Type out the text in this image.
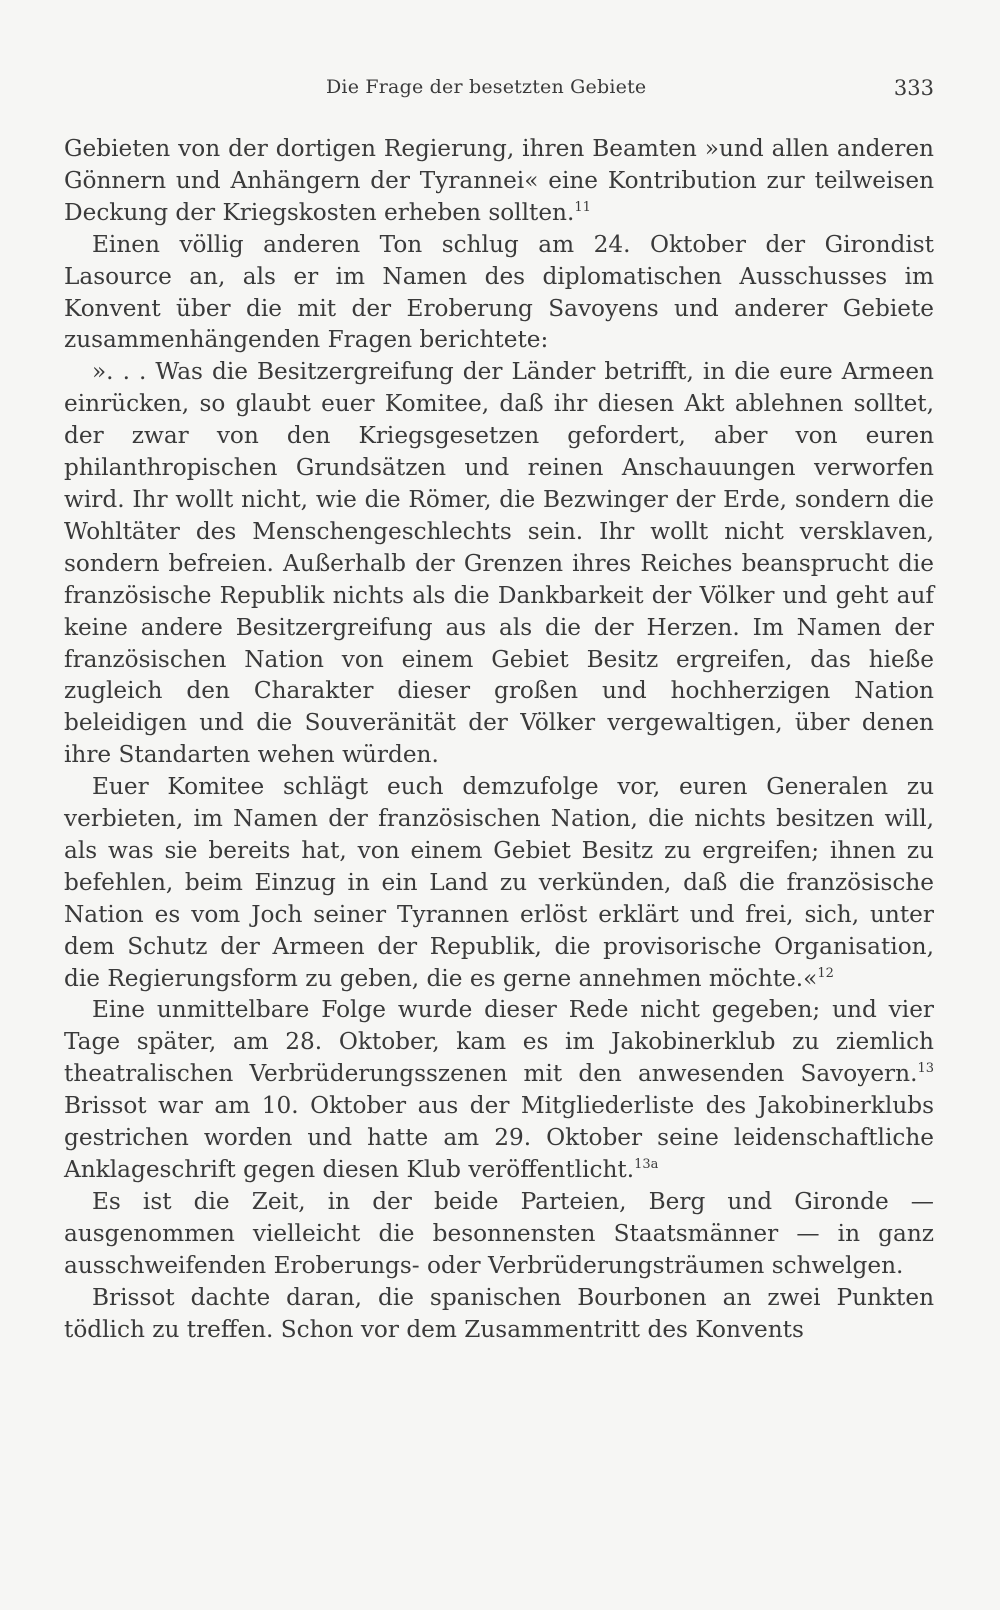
Die Frage der besetzten Gebiete	333

Gebieten von der dortigen Regierung, ihren Beamten »und allen anderen Gönnern und Anhängern der Tyrannei« eine Kontribution zur teilweisen Deckung der Kriegskosten erheben sollten.$^{11}$

Einen völlig anderen Ton schlug am 24. Oktober der Girondist Lasource an, als er im Namen des diplomatischen Ausschusses im Konvent über die mit der Eroberung Savoyens und anderer Gebiete zusammenhängenden Fragen berichtete:

». . . Was die Besitzergreifung der Länder betrifft, in die eure Armeen einrücken, so glaubt euer Komitee, daß ihr diesen Akt ablehnen solltet, der zwar von den Kriegsgesetzen gefordert, aber von euren philanthropischen Grundsätzen und reinen Anschauungen verworfen wird. Ihr wollt nicht, wie die Römer, die Bezwinger der Erde, sondern die Wohltäter des Menschengeschlechts sein. Ihr wollt nicht versklaven, sondern befreien. Außerhalb der Grenzen ihres Reiches beansprucht die französische Republik nichts als die Dankbarkeit der Völker und geht auf keine andere Besitzergreifung aus als die der Herzen. Im Namen der französischen Nation von einem Gebiet Besitz ergreifen, das hieße zugleich den Charakter dieser großen und hochherzigen Nation beleidigen und die Souveränität der Völker vergewaltigen, über denen ihre Standarten wehen würden.

Euer Komitee schlägt euch demzufolge vor, euren Generalen zu verbieten, im Namen der französischen Nation, die nichts besitzen will, als was sie bereits hat, von einem Gebiet Besitz zu ergreifen; ihnen zu befehlen, beim Einzug in ein Land zu verkünden, daß die französische Nation es vom Joch seiner Tyrannen erlöst erklärt und frei, sich, unter dem Schutz der Armeen der Republik, die provisorische Organisation, die Regierungsform zu geben, die es gerne annehmen möchte.«$^{12}$

Eine unmittelbare Folge wurde dieser Rede nicht gegeben; und vier Tage später, am 28. Oktober, kam es im Jakobinerklub zu ziemlich theatralischen Verbrüderungsszenen mit den anwesenden Savoyern.$^{13}$ Brissot war am 10. Oktober aus der Mitgliederliste des Jakobinerklubs gestrichen worden und hatte am 29. Oktober seine leidenschaftliche Anklageschrift gegen diesen Klub veröffentlicht.$^{13a}$

Es ist die Zeit, in der beide Parteien, Berg und Gironde — ausgenommen vielleicht die besonnensten Staatsmänner — in ganz ausschweifenden Eroberungs- oder Verbrüderungsträumen schwelgen.

Brissot dachte daran, die spanischen Bourbonen an zwei Punkten tödlich zu treffen. Schon vor dem Zusammentritt des Konvents
